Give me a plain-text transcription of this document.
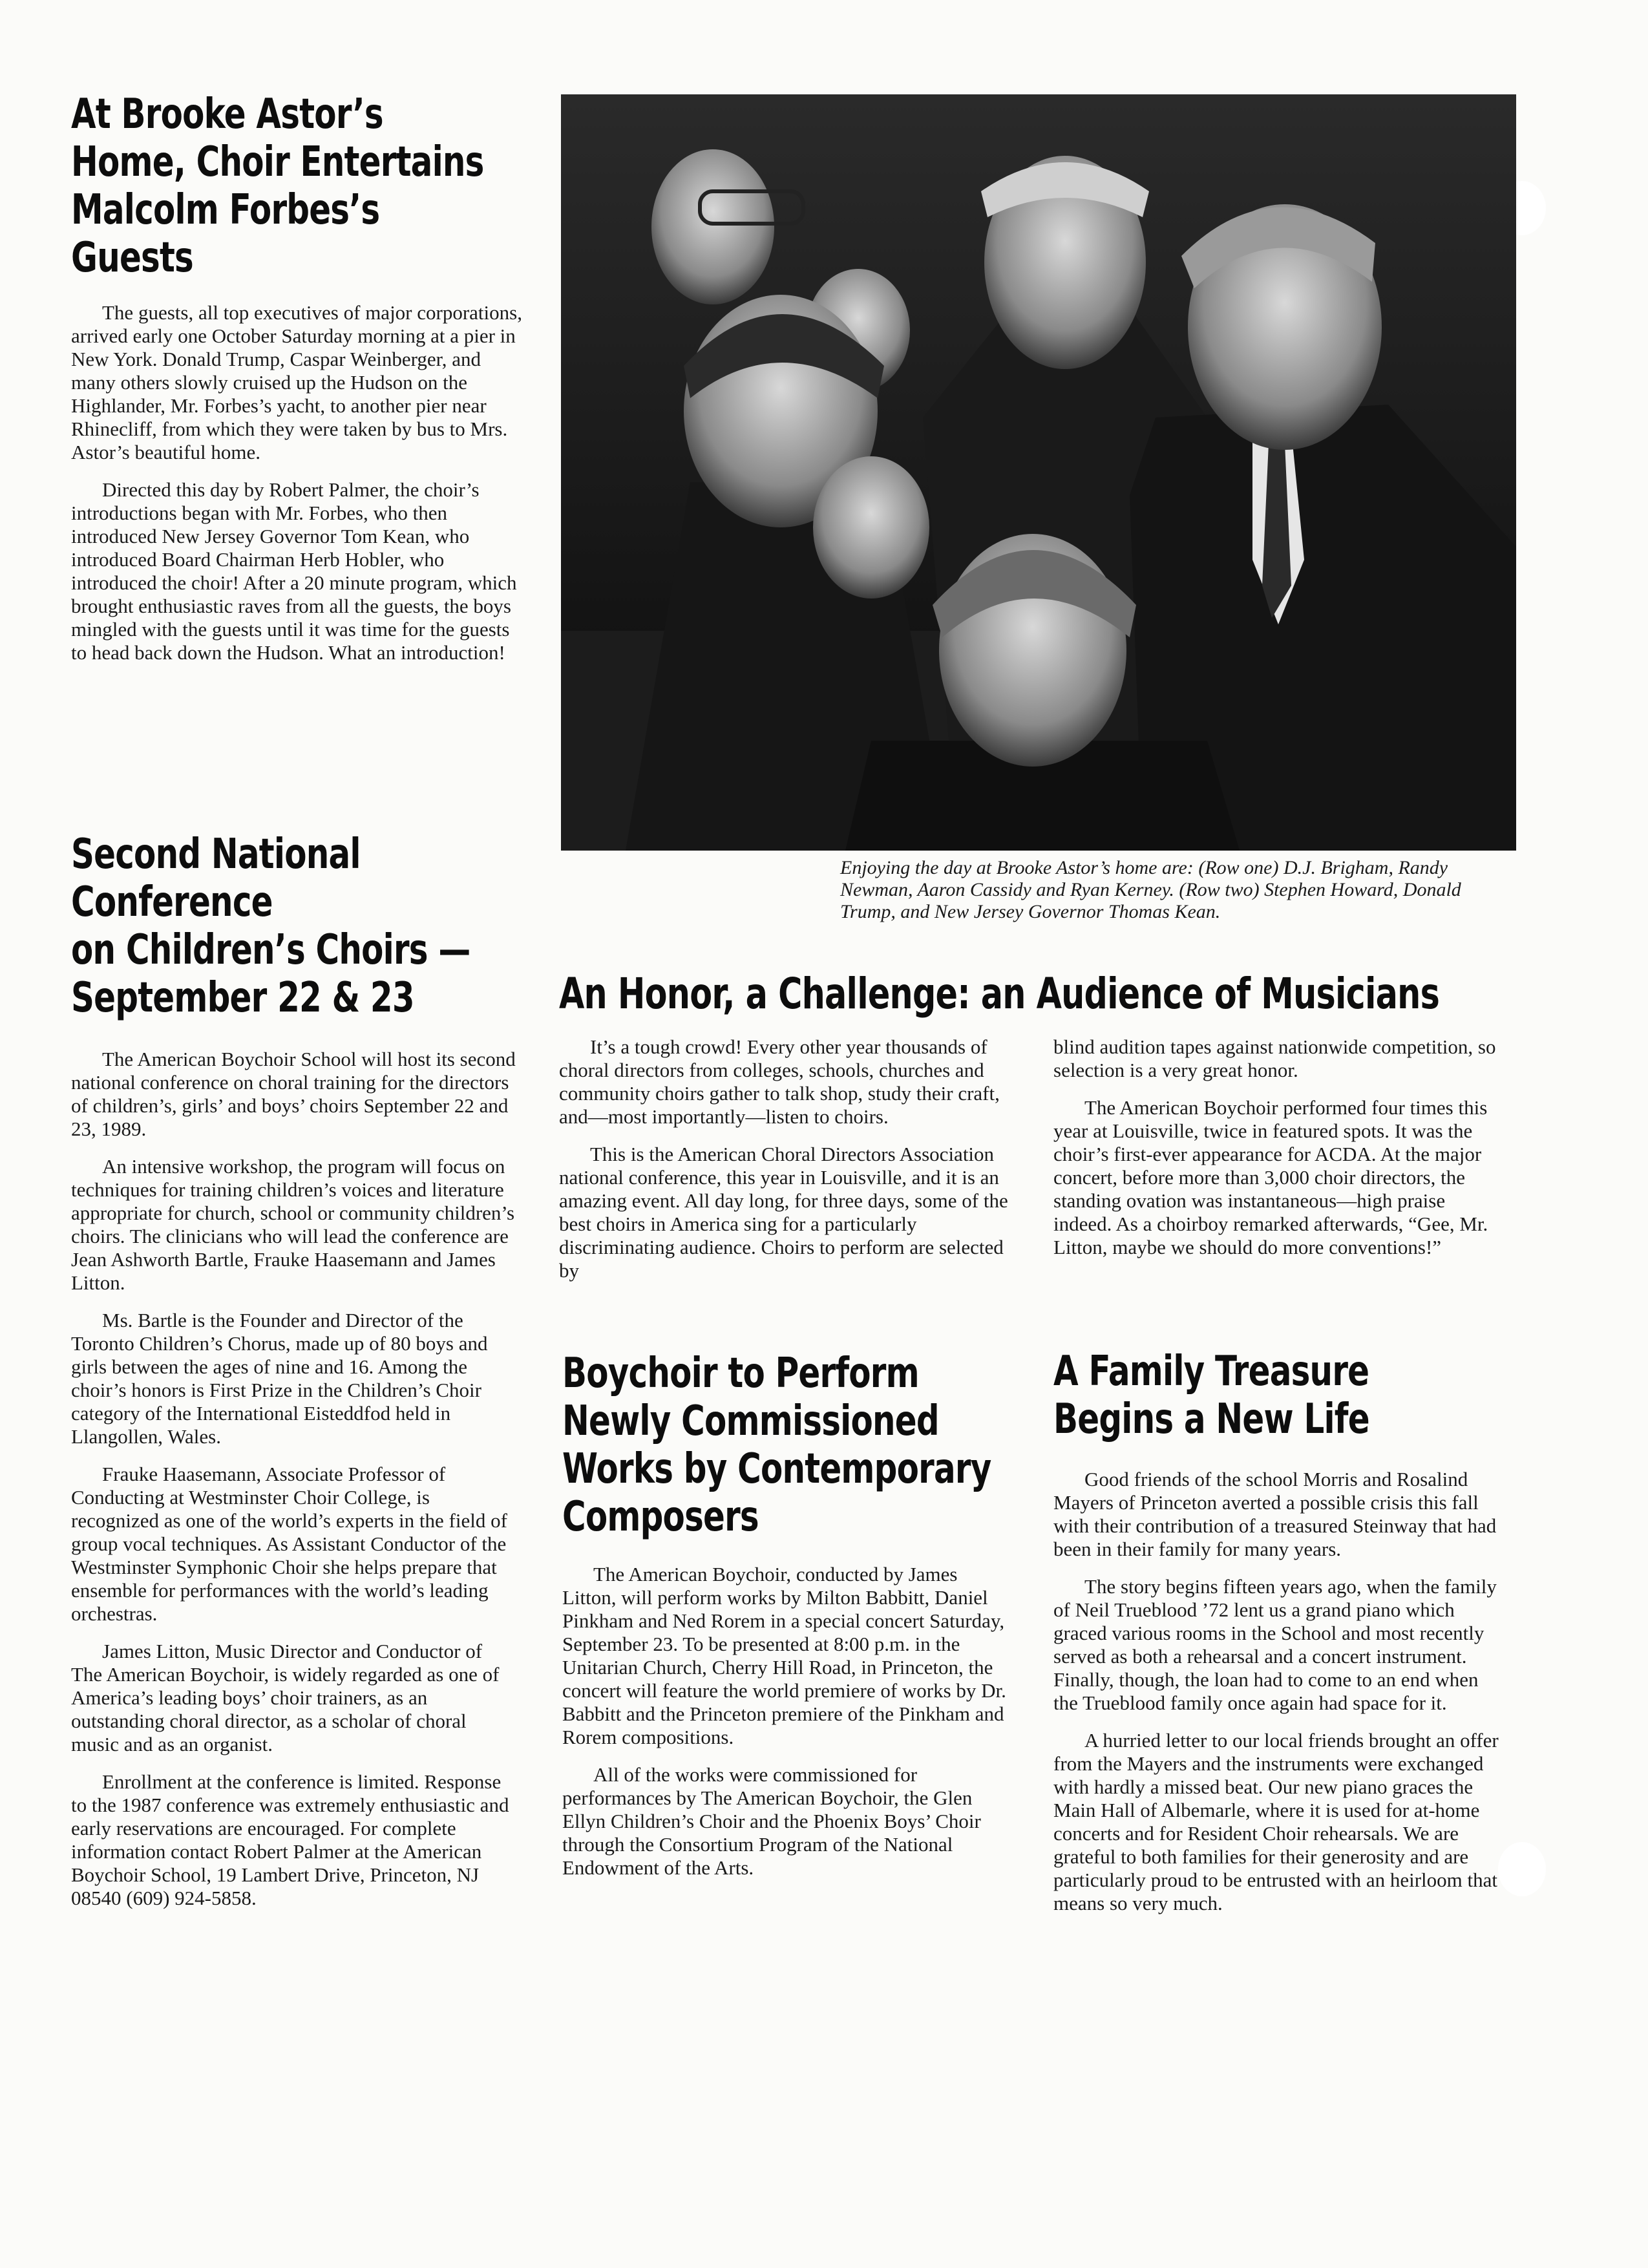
At Brooke Astor’s
Home, Choir Entertains
Malcolm Forbes’s
Guests

The guests, all top executives of major corporations, arrived early one October Saturday morning at a pier in New York. Donald Trump, Caspar Weinberger, and many others slowly cruised up the Hudson on the Highlander, Mr. Forbes’s yacht, to another pier near Rhinecliff, from which they were taken by bus to Mrs. Astor’s beautiful home.

Directed this day by Robert Palmer, the choir’s introductions began with Mr. Forbes, who then introduced New Jersey Governor Tom Kean, who introduced Board Chairman Herb Hobler, who introduced the choir! After a 20 minute program, which brought enthusiastic raves from all the guests, the boys mingled with the guests until it was time for the guests to head back down the Hudson. What an introduction!

Enjoying the day at Brooke Astor’s home are: (Row one) D.J. Brigham, Randy Newman, Aaron Cassidy and Ryan Kerney. (Row two) Stephen Howard, Donald Trump, and New Jersey Governor Thomas Kean.
Second National
Conference
on Children’s Choirs —
September 22 & 23

The American Boychoir School will host its second national conference on choral training for the directors of children’s, girls’ and boys’ choirs September 22 and 23, 1989.

An intensive workshop, the program will focus on techniques for training children’s voices and literature appropriate for church, school or community children’s choirs. The clinicians who will lead the conference are Jean Ashworth Bartle, Frauke Haasemann and James Litton.

Ms. Bartle is the Founder and Director of the Toronto Children’s Chorus, made up of 80 boys and girls between the ages of nine and 16. Among the choir’s honors is First Prize in the Children’s Choir category of the International Eisteddfod held in Llangollen, Wales.

Frauke Haasemann, Associate Professor of Conducting at Westminster Choir College, is recognized as one of the world’s experts in the field of group vocal techniques. As Assistant Conductor of the Westminster Symphonic Choir she helps prepare that ensemble for performances with the world’s leading orchestras.

James Litton, Music Director and Conductor of The American Boychoir, is widely regarded as one of America’s leading boys’ choir trainers, as an outstanding choral director, as a scholar of choral music and as an organist.

Enrollment at the conference is limited. Response to the 1987 conference was extremely enthusiastic and early reservations are encouraged. For complete information contact Robert Palmer at the American Boychoir School, 19 Lambert Drive, Princeton, NJ 08540 (609) 924-5858.

An Honor, a Challenge: an Audience of Musicians

It’s a tough crowd! Every other year thousands of choral directors from colleges, schools, churches and community choirs gather to talk shop, study their craft, and—most importantly—listen to choirs.

This is the American Choral Directors Association national conference, this year in Louisville, and it is an amazing event. All day long, for three days, some of the best choirs in America sing for a particularly discriminating audience. Choirs to perform are selected by

blind audition tapes against nationwide competition, so selection is a very great honor.

The American Boychoir performed four times this year at Louisville, twice in featured spots. It was the choir’s first-ever appearance for ACDA. At the major concert, before more than 3,000 choir directors, the standing ovation was instantaneous—high praise indeed. As a choirboy remarked afterwards, “Gee, Mr. Litton, maybe we should do more conventions!”

Boychoir to Perform
Newly Commissioned
Works by Contemporary
Composers

The American Boychoir, conducted by James Litton, will perform works by Milton Babbitt, Daniel Pinkham and Ned Rorem in a special concert Saturday, September 23. To be presented at 8:00 p.m. in the Unitarian Church, Cherry Hill Road, in Princeton, the concert will feature the world premiere of works by Dr. Babbitt and the Princeton premiere of the Pinkham and Rorem compositions.

All of the works were commissioned for performances by The American Boychoir, the Glen Ellyn Children’s Choir and the Phoenix Boys’ Choir through the Consortium Program of the National Endowment of the Arts.

A Family Treasure
Begins a New Life

Good friends of the school Morris and Rosalind Mayers of Princeton averted a possible crisis this fall with their contribution of a treasured Steinway that had been in their family for many years.

The story begins fifteen years ago, when the family of Neil Trueblood ’72 lent us a grand piano which graced various rooms in the School and most recently served as both a rehearsal and a concert instrument. Finally, though, the loan had to come to an end when the Trueblood family once again had space for it.

A hurried letter to our local friends brought an offer from the Mayers and the instruments were exchanged with hardly a missed beat. Our new piano graces the Main Hall of Albemarle, where it is used for at-home concerts and for Resident Choir rehearsals. We are grateful to both families for their generosity and are particularly proud to be entrusted with an heirloom that means so very much.
